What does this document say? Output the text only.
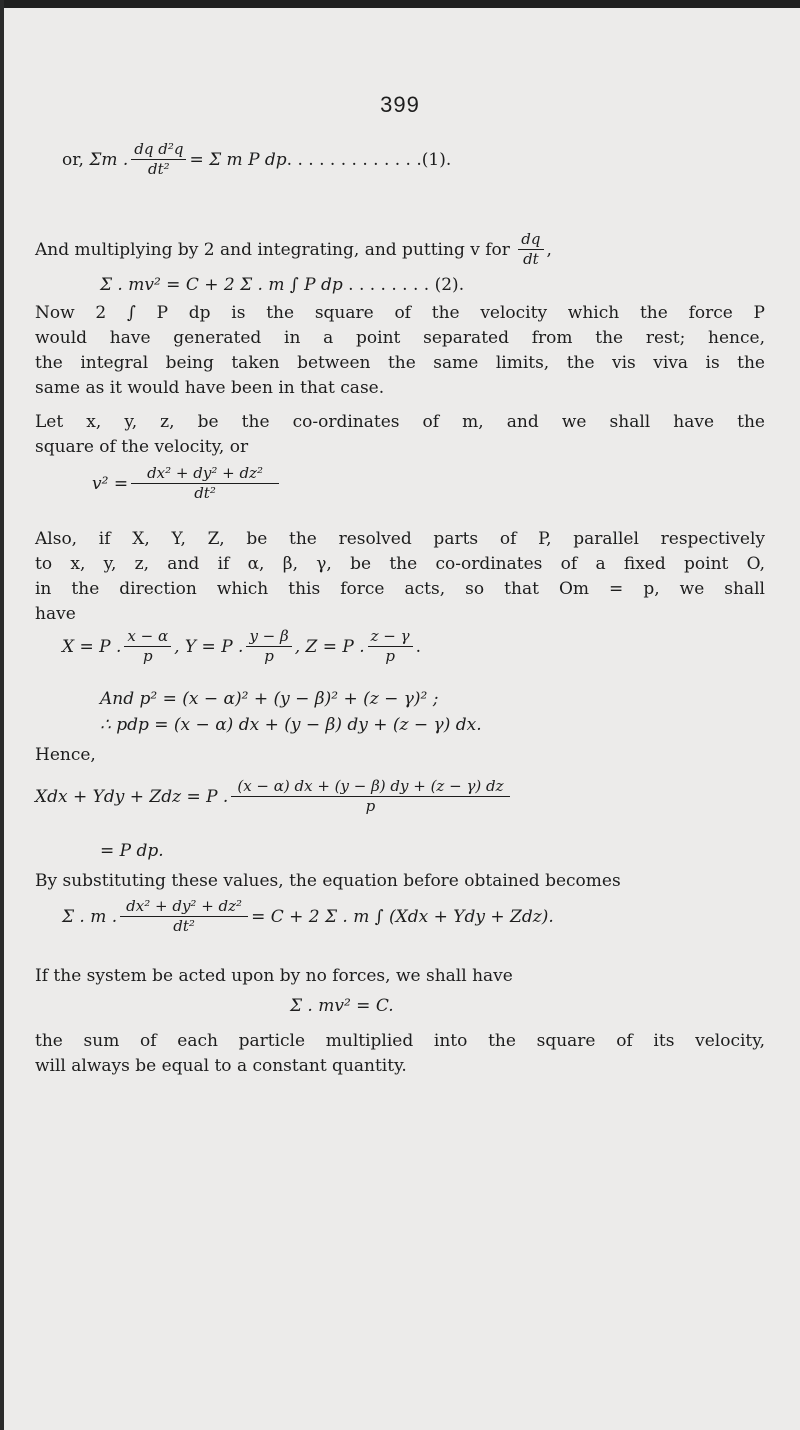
399
or,
Σm . $\frac{\text{dq d²q}}{\text{dt²}} = \Sigma$ m P dp . . . . . . . . . . . . . (1).
And multiplying by 2 and integrating, and putting v for
$\frac{dq}{dt}$ ,
Σ . mv² = C + 2 Σ . m ∫ P dp . . . . . . . . (2).
Now 2 ∫ P dp is the square of the velocity which the force P
would have generated in a point separated from the rest; hence,
the integral being taken between the same limits, the vis viva is the
same as it would have been in that case.
Let x, y, z, be the co-ordinates of m, and we shall have the
square of the velocity, or
$v^2 = \frac{\text{dx² + dy² + dz²}}{\text{dt²}}$
Also, if X, Y, Z, be the resolved parts of P, parallel respectively
to x, y, z, and if α, β, γ, be the co-ordinates of a fixed point O,
in the direction which this force acts, so that Om = p, we shall
have
X = P . $\frac{x - \alpha}{p}$ , Y = P . $\frac{y - \beta}{p}$ , Z = P . $\frac{z - \gamma}{p}$ .
And p² = (x − α)² + (y − β)² + (z − γ)² ;
∴ pdp = (x − α) dx + (y − β) dy + (z − γ) dx.
Hence,
Xdx + Ydy + Zdz = P . $\frac{(x - \alpha) dx + (y - \beta) dy + (z - \gamma) dz}{p}$
= P dp.
By substituting these values, the equation before obtained becomes
Σ . m . $\frac{\text{dx² + dy² + dz²}}{\text{dt²}} = C + 2$ Σ . m ∫ (Xdx + Ydy + Zdz).
If the system be acted upon by no forces, we shall have
Σ . mv² = C.
the sum of each particle multiplied into the square of its velocity,
will always be equal to a constant quantity.
